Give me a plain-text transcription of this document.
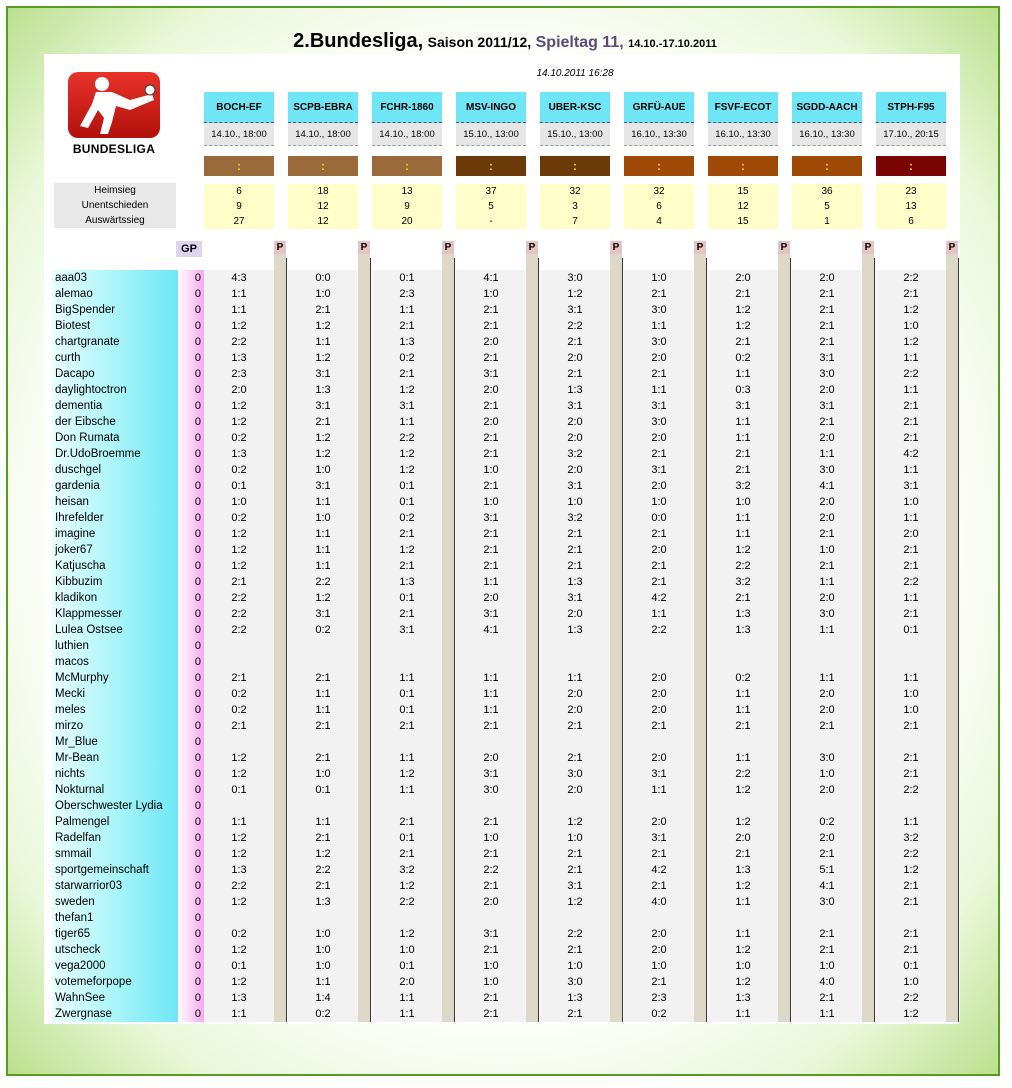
2.Bundesliga, Saison 2011/12, Spieltag 11, 14.10.-17.10.2011
14.10.2011 16:28
BUNDESLIGA
Heimsieg
Unentschieden
Auswärtssieg
GP
aaa03
alemao
BigSpender
Biotest
chartgranate
curth
Dacapo
daylightoctron
dementia
der Eibsche
Don Rumata
Dr.UdoBroemme
duschgel
gardenia
heisan
Ihrefelder
imagine
joker67
Katjuscha
Kibbuzim
kladikon
Klappmesser
Lulea Ostsee
luthien
macos
McMurphy
Mecki
meles
mirzo
Mr_Blue
Mr-Bean
nichts
Nokturnal
Oberschwester Lydia
Palmengel
Radelfan
smmail
sportgemeinschaft
starwarrior03
sweden
thefan1
tiger65
utscheck
vega2000
votemeforpope
WahnSee
Zwergnase
0
0
0
0
0
0
0
0
0
0
0
0
0
0
0
0
0
0
0
0
0
0
0
0
0
0
0
0
0
0
0
0
0
0
0
0
0
0
0
0
0
0
0
0
0
0
0
BOCH-EF
14.10., 18:00
:
6
9
27
P
4:3
1:1
1:1
1:2
2:2
1:3
2:3
2:0
1:2
1:2
0:2
1:3
0:2
0:1
1:0
0:2
1:2
1:2
1:2
2:1
2:2
2:2
2:2
2:1
0:2
0:2
2:1
1:2
1:2
0:1
1:1
1:2
1:2
1:3
2:2
1:2
0:2
1:2
0:1
1:2
1:3
1:1
SCPB-EBRA
14.10., 18:00
:
18
12
12
P
0:0
1:0
2:1
1:2
1:1
1:2
3:1
1:3
3:1
2:1
1:2
1:2
1:0
3:1
1:1
1:0
1:1
1:1
1:1
2:2
1:2
3:1
0:2
2:1
1:1
1:1
2:1
2:1
1:0
0:1
1:1
2:1
1:2
2:2
2:1
1:3
1:0
1:0
1:0
1:1
1:4
0:2
FCHR-1860
14.10., 18:00
:
13
9
20
P
0:1
2:3
1:1
2:1
1:3
0:2
2:1
1:2
3:1
1:1
2:2
1:2
1:2
0:1
0:1
0:2
2:1
1:2
2:1
1:3
0:1
2:1
3:1
1:1
0:1
0:1
2:1
1:1
1:2
1:1
2:1
0:1
2:1
3:2
1:2
2:2
1:2
1:0
0:1
2:0
1:1
1:1
MSV-INGO
15.10., 13:00
:
37
5
-
P
4:1
1:0
2:1
2:1
2:0
2:1
3:1
2:0
2:1
2:0
2:1
2:1
1:0
2:1
1:0
3:1
2:1
2:1
2:1
1:1
2:0
3:1
4:1
1:1
1:1
1:1
2:1
2:0
3:1
3:0
2:1
1:0
2:1
2:2
2:1
2:0
3:1
2:1
1:0
1:0
2:1
2:1
UBER-KSC
15.10., 13:00
:
32
3
7
P
3:0
1:2
3:1
2:2
2:1
2:0
2:1
1:3
3:1
2:0
2:0
3:2
2:0
3:1
1:0
3:2
2:1
2:1
2:1
1:3
3:1
2:0
1:3
1:1
2:0
2:0
2:1
2:1
3:0
2:0
1:2
1:0
2:1
2:1
3:1
1:2
2:2
2:1
1:0
3:0
1:3
2:1
GRFÜ-AUE
16.10., 13:30
:
32
6
4
P
1:0
2:1
3:0
1:1
3:0
2:0
2:1
1:1
3:1
3:0
2:0
2:1
3:1
2:0
1:0
0:0
2:1
2:0
2:1
2:1
4:2
1:1
2:2
2:0
2:0
2:0
2:1
2:0
3:1
1:1
2:0
3:1
2:1
4:2
2:1
4:0
2:0
2:0
1:0
2:1
2:3
0:2
FSVF-ECOT
16.10., 13:30
:
15
12
15
P
2:0
2:1
1:2
1:2
2:1
0:2
1:1
0:3
3:1
1:1
1:1
2:1
2:1
3:2
1:0
1:1
1:1
1:2
2:2
3:2
2:1
1:3
1:3
0:2
1:1
1:1
2:1
1:1
2:2
1:2
1:2
2:0
2:1
1:3
1:2
1:1
1:1
1:2
1:0
1:2
1:3
1:1
SGDD-AACH
16.10., 13:30
:
36
5
1
P
2:0
2:1
2:1
2:1
2:1
3:1
3:0
2:0
3:1
2:1
2:0
1:1
3:0
4:1
2:0
2:0
2:1
1:0
2:1
1:1
2:0
3:0
1:1
1:1
2:0
2:0
2:1
3:0
1:0
2:0
0:2
2:0
2:1
5:1
4:1
3:0
2:1
2:1
1:0
4:0
2:1
1:1
STPH-F95
17.10., 20:15
:
23
13
6
P
2:2
2:1
1:2
1:0
1:2
1:1
2:2
1:1
2:1
2:1
2:1
4:2
1:1
3:1
1:0
1:1
2:0
2:1
2:1
2:2
1:1
2:1
0:1
1:1
1:0
1:0
2:1
2:1
2:1
2:2
1:1
3:2
2:2
1:2
2:1
2:1
2:1
2:1
0:1
1:0
2:2
1:2
